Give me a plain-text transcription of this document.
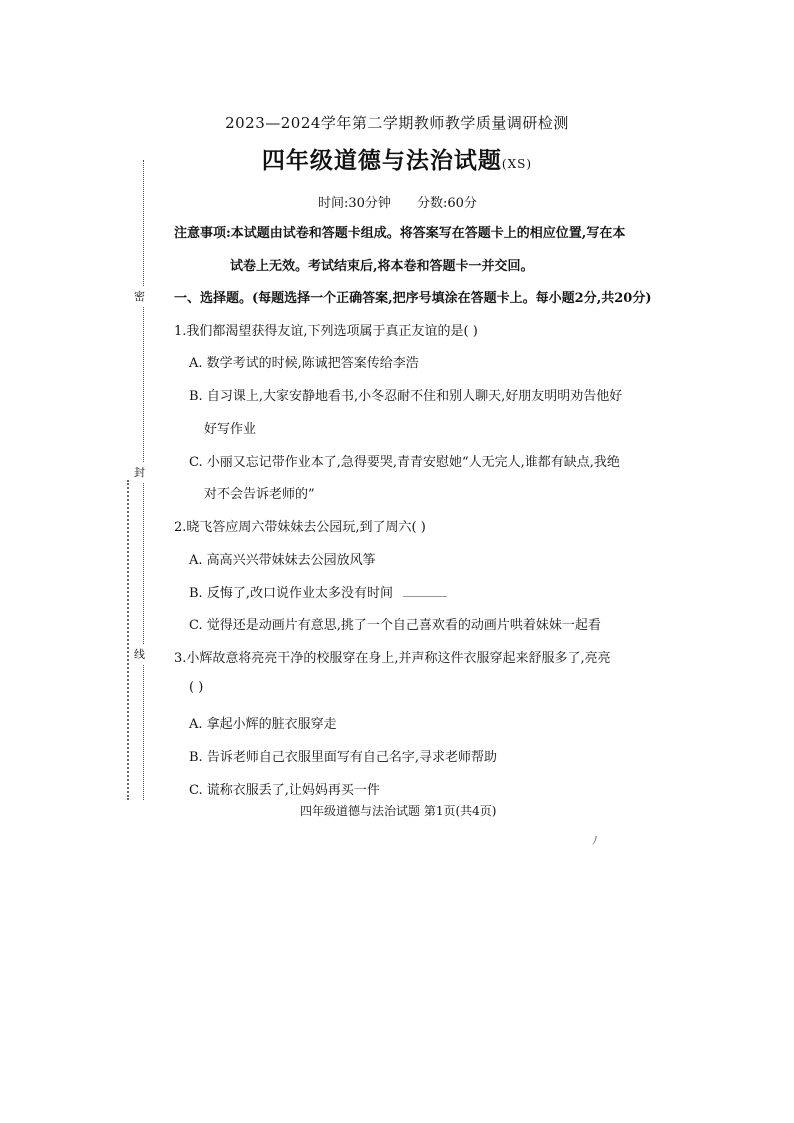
密
封
线
2023—2024学年第二学期教师教学质量调研检测
四年级道德与法治试题(XS)
时间:30分钟 分数:60分
注意事项:本试题由试卷和答题卡组成。将答案写在答题卡上的相应位置,写在本
试卷上无效。考试结束后,将本卷和答题卡一并交回。
一、选择题。(每题选择一个正确答案,把序号填涂在答题卡上。每小题2分,共20分)
1.我们都渴望获得友谊,下列选项属于真正友谊的是( )
A. 数学考试的时候,陈诚把答案传给李浩
B. 自习课上,大家安静地看书,小冬忍耐不住和别人聊天,好朋友明明劝告他好
好写作业
C. 小丽又忘记带作业本了,急得要哭,青青安慰她“人无完人,谁都有缺点,我绝
对不会告诉老师的”
2.晓飞答应周六带妹妹去公园玩,到了周六( )
A. 高高兴兴带妹妹去公园放风筝
B. 反悔了,改口说作业太多没有时间
C. 觉得还是动画片有意思,挑了一个自己喜欢看的动画片哄着妹妹一起看
3.小辉故意将亮亮干净的校服穿在身上,并声称这件衣服穿起来舒服多了,亮亮
( )
A. 拿起小辉的脏衣服穿走
B. 告诉老师自己衣服里面写有自己名字,寻求老师帮助
C. 谎称衣服丢了,让妈妈再买一件
四年级道德与法治试题 第1页(共4页)
ﾉ
